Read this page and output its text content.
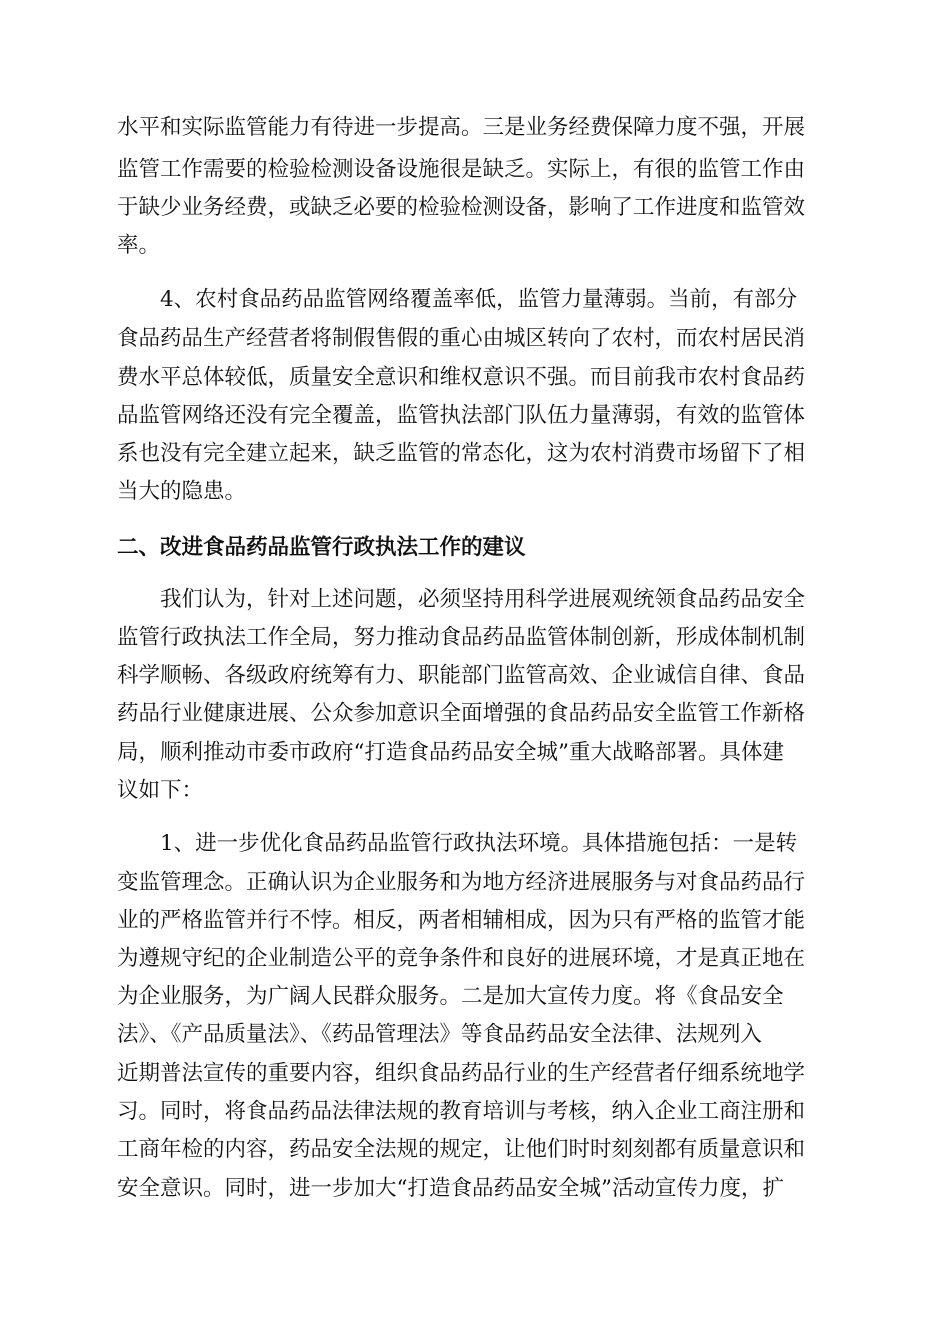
水平和实际监管能力有待进一步提高。三是业务经费保障力度不强，开展
监管工作需要的检验检测设备设施很是缺乏。实际上，有很的监管工作由
于缺少业务经费，或缺乏必要的检验检测设备，影响了工作进度和监管效
率。
4、农村食品药品监管网络覆盖率低，监管力量薄弱。当前，有部分
食品药品生产经营者将制假售假的重心由城区转向了农村，而农村居民消
费水平总体较低，质量安全意识和维权意识不强。而目前我市农村食品药
品监管网络还没有完全覆盖，监管执法部门队伍力量薄弱，有效的监管体
系也没有完全建立起来，缺乏监管的常态化，这为农村消费市场留下了相
当大的隐患。
二、改进食品药品监管行政执法工作的建议
我们认为，针对上述问题，必须坚持用科学进展观统领食品药品安全
监管行政执法工作全局，努力推动食品药品监管体制创新，形成体制机制
科学顺畅、各级政府统筹有力、职能部门监管高效、企业诚信自律、食品
药品行业健康进展、公众参加意识全面增强的食品药品安全监管工作新格
局，顺利推动市委市政府“打造食品药品安全城”重大战略部署。具体建
议如下：
1、进一步优化食品药品监管行政执法环境。具体措施包括：一是转
变监管理念。正确认识为企业服务和为地方经济进展服务与对食品药品行
业的严格监管并行不悖。相反，两者相辅相成，因为只有严格的监管才能
为遵规守纪的企业制造公平的竞争条件和良好的进展环境，才是真正地在
为企业服务，为广阔人民群众服务。二是加大宣传力度。将《食品安全
法》、《产品质量法》、《药品管理法》等食品药品安全法律、法规列入
近期普法宣传的重要内容，组织食品药品行业的生产经营者仔细系统地学
习。同时，将食品药品法律法规的教育培训与考核，纳入企业工商注册和
工商年检的内容，药品安全法规的规定，让他们时时刻刻都有质量意识和
安全意识。同时，进一步加大“打造食品药品安全城”活动宣传力度，扩
